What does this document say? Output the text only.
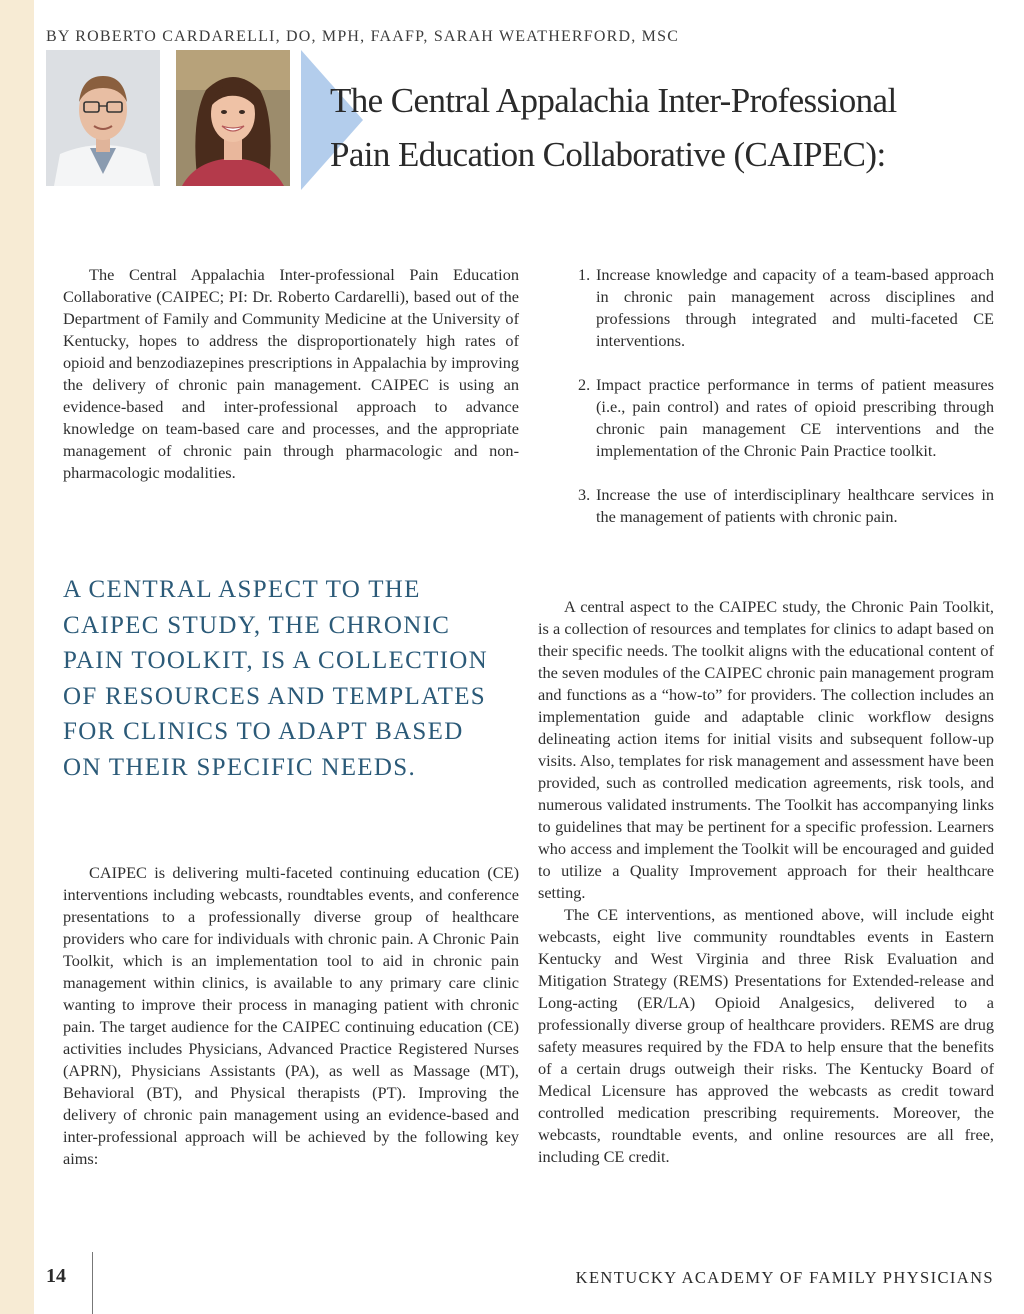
BY ROBERTO CARDARELLI, DO, MPH, FAAFP, SARAH WEATHERFORD, MSC
The Central Appalachia Inter-Professional
Pain Education Collaborative (CAIPEC):

The Central Appalachia Inter-professional Pain Education Collaborative (CAIPEC; PI: Dr. Roberto Cardarelli), based out of the Department of Family and Community Medicine at the University of Kentucky, hopes to address the disproportionately high rates of opioid and benzodiazepines prescriptions in Appalachia by improving the delivery of chronic pain management. CAIPEC is using an evidence-based and inter-professional approach to advance knowledge on team-based care and processes, and the appropriate management of chronic pain through pharmacologic and non-pharmacologic modalities.

A CENTRAL ASPECT TO THE CAIPEC STUDY, THE CHRONIC PAIN TOOLKIT, IS A COLLECTION OF RESOURCES AND TEMPLATES FOR CLINICS TO ADAPT BASED ON THEIR SPECIFIC NEEDS.

CAIPEC is delivering multi-faceted continuing education (CE) interventions including webcasts, roundtables events, and conference presentations to a professionally diverse group of healthcare providers who care for individuals with chronic pain. A Chronic Pain Toolkit, which is an implementation tool to aid in chronic pain management within clinics, is available to any primary care clinic wanting to improve their process in managing patient with chronic pain. The target audience for the CAIPEC continuing education (CE) activities includes Physicians, Advanced Practice Registered Nurses (APRN), Physicians Assistants (PA), as well as Massage (MT), Behavioral (BT), and Physical therapists (PT). Improving the delivery of chronic pain management using an evidence-based and inter-professional approach will be achieved by the following key aims:

1. Increase knowledge and capacity of a team-based approach in chronic pain management across disciplines and professions through integrated and multi-faceted CE interventions.
2. Impact practice performance in terms of patient measures (i.e., pain control) and rates of opioid prescribing through chronic pain management CE interventions and the implementation of the Chronic Pain Practice toolkit.
3. Increase the use of interdisciplinary healthcare services in the management of patients with chronic pain.

A central aspect to the CAIPEC study, the Chronic Pain Toolkit, is a collection of resources and templates for clinics to adapt based on their specific needs. The toolkit aligns with the educational content of the seven modules of the CAIPEC chronic pain management program and functions as a “how-to” for providers. The collection includes an implementation guide and adaptable clinic workflow designs delineating action items for initial visits and subsequent follow-up visits. Also, templates for risk management and assessment have been provided, such as controlled medication agreements, risk tools, and numerous validated instruments. The Toolkit has accompanying links to guidelines that may be pertinent for a specific profession. Learners who access and implement the Toolkit will be encouraged and guided to utilize a Quality Improvement approach for their healthcare setting.

The CE interventions, as mentioned above, will include eight webcasts, eight live community roundtables events in Eastern Kentucky and West Virginia and three Risk Evaluation and Mitigation Strategy (REMS) Presentations for Extended-release and Long-acting (ER/LA) Opioid Analgesics, delivered to a professionally diverse group of healthcare providers. REMS are drug safety measures required by the FDA to help ensure that the benefits of a certain drugs outweigh their risks. The Kentucky Board of Medical Licensure has approved the webcasts as credit toward controlled medication prescribing requirements. Moreover, the webcasts, roundtable events, and online resources are all free, including CE credit.

14	KENTUCKY ACADEMY OF FAMILY PHYSICIANS
